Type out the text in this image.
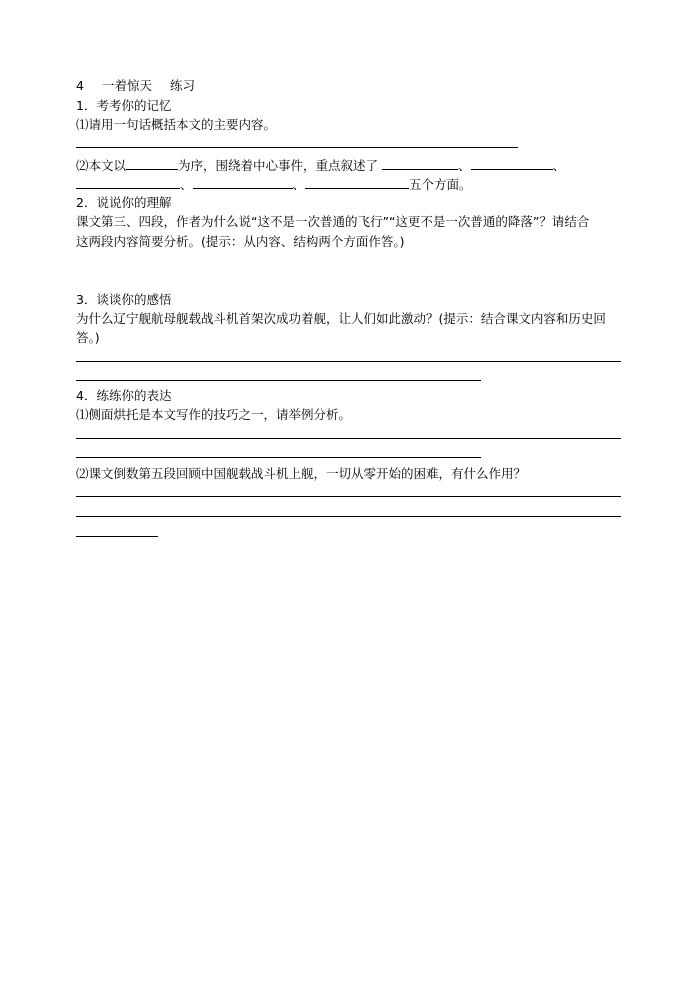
4 一着惊天 练习
1．考考你的记忆
⑴请用一句话概括本文的主要内容。
⑵本文以	为序，围绕着中心事件，重点叙述了	、	、
、	、	五个方面。
2．说说你的理解
课文第三、四段，作者为什么说“这不是一次普通的飞行”“这更不是一次普通的降落”？请结合
这两段内容简要分析。(提示：从内容、结构两个方面作答。)
3．谈谈你的感悟
为什么辽宁舰航母舰载战斗机首架次成功着舰，让人们如此激动？(提示：结合课文内容和历史回
答。)
4．练练你的表达
⑴侧面烘托是本文写作的技巧之一，请举例分析。
⑵课文倒数第五段回顾中国舰载战斗机上舰，一切从零开始的困难，有什么作用？
